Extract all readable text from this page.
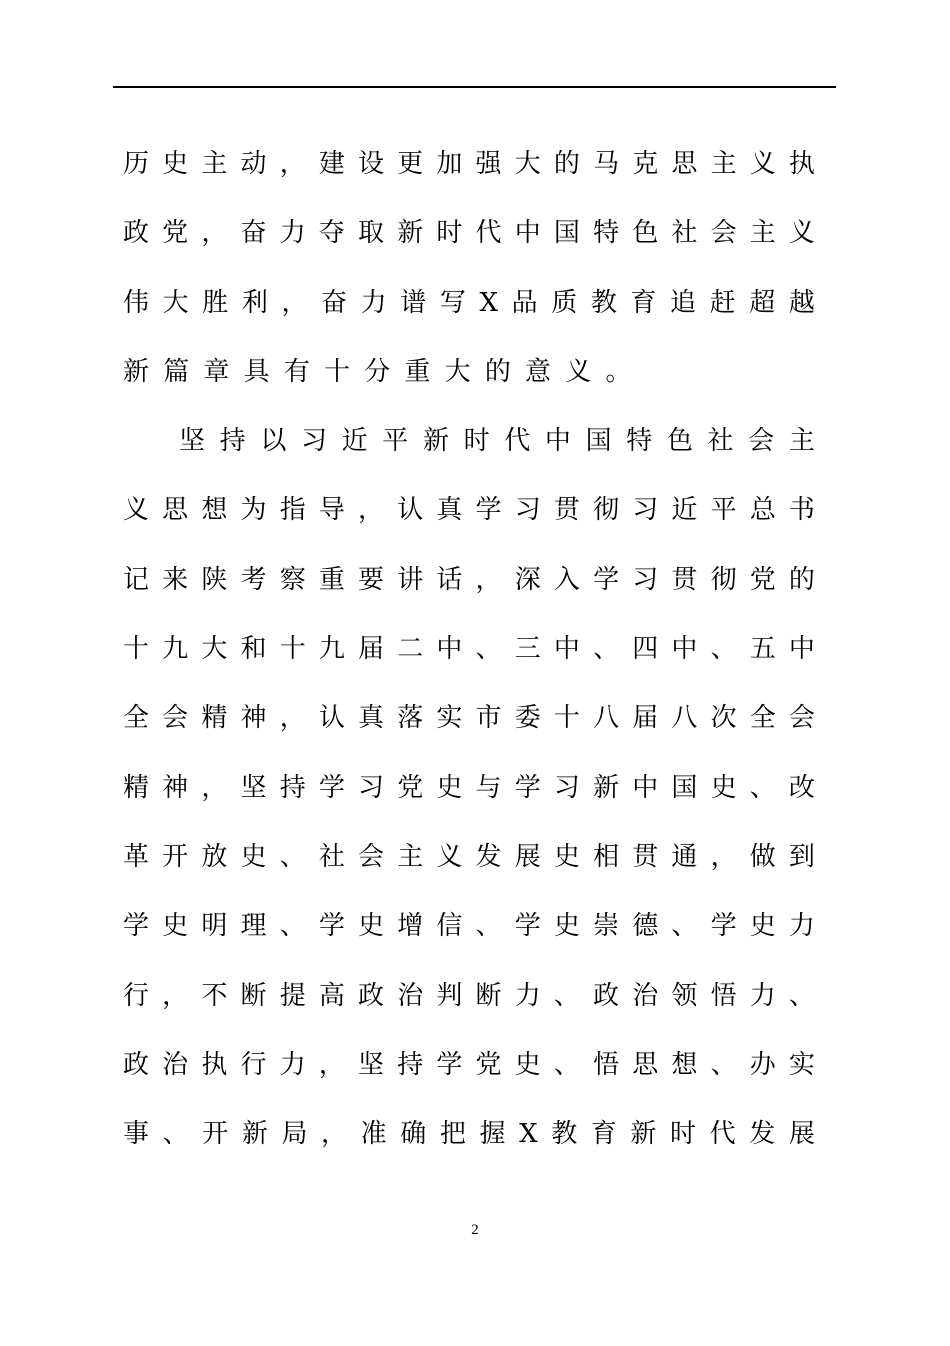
历 史 主 动 ， 建 设 更 加 强 大 的 马 克 思 主 义 执
政 党 ， 奋 力 夺 取 新 时 代 中 国 特 色 社 会 主 义
伟 大 胜 利 ， 奋 力 谱 写 X 品 质 教 育 追 赶 超 越
新 篇 章 具 有 十 分 重 大 的 意 义 。
坚 持 以 习 近 平 新 时 代 中 国 特 色 社 会 主
义 思 想 为 指 导 ， 认 真 学 习 贯 彻 习 近 平 总 书
记 来 陕 考 察 重 要 讲 话 ， 深 入 学 习 贯 彻 党 的
十 九 大 和 十 九 届 二 中 、 三 中 、 四 中 、 五 中
全 会 精 神 ， 认 真 落 实 市 委 十 八 届 八 次 全 会
精 神 ， 坚 持 学 习 党 史 与 学 习 新 中 国 史 、 改
革 开 放 史 、 社 会 主 义 发 展 史 相 贯 通 ， 做 到
学 史 明 理 、 学 史 增 信 、 学 史 崇 德 、 学 史 力
行 ， 不 断 提 高 政 治 判 断 力 、 政 治 领 悟 力 、
政 治 执 行 力 ， 坚 持 学 党 史 、 悟 思 想 、 办 实
事 、 开 新 局 ， 准 确 把 握 X 教 育 新 时 代 发 展
2
